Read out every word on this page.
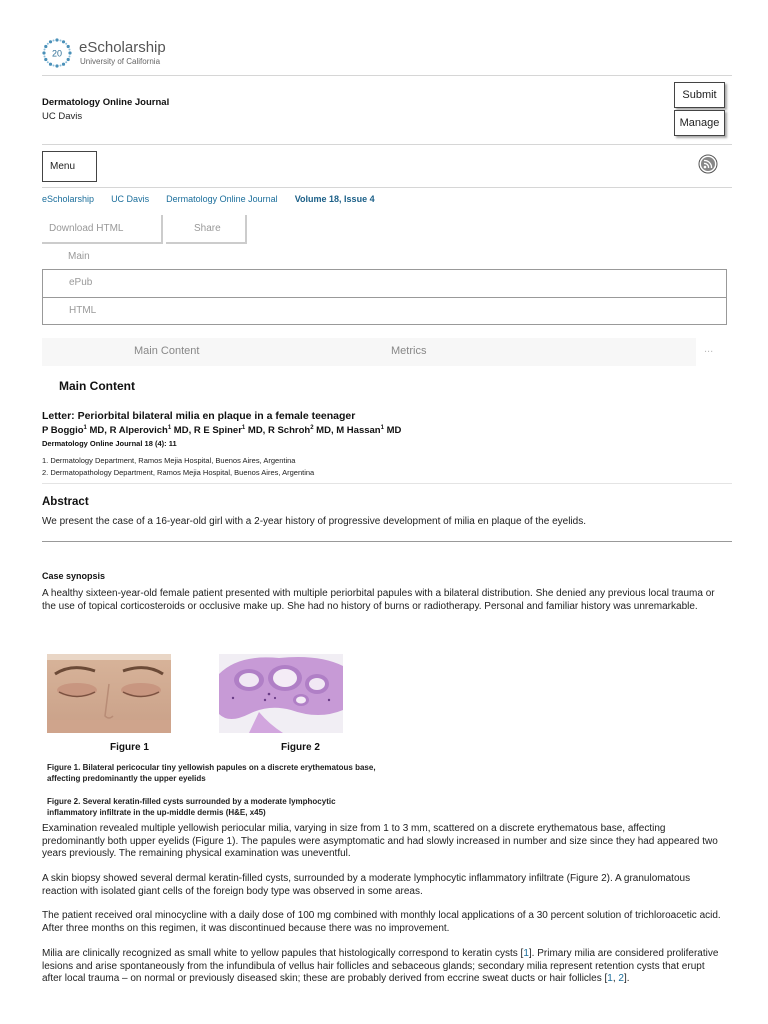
20 eScholarship
University of California
Dermatology Online Journal
UC Davis
Submit
Manage
Menu
eScholarship UC Davis Dermatology Online Journal Volume 18, Issue 4
Download HTML	Share
Main
ePub
HTML
Main Content	Metrics	...
Main Content
Letter: Periorbital bilateral milia en plaque in a female teenager
P Boggio$^1$ MD, R Alperovich$^1$ MD, R E Spiner$^1$ MD, R Schroh$^2$ MD, M Hassan$^1$ MD
Dermatology Online Journal 18 (4): 11
1. Dermatology Department, Ramos Mejia Hospital, Buenos Aires, Argentina
2. Dermatopathology Department, Ramos Mejia Hospital, Buenos Aires, Argentina
Abstract
We present the case of a 16-year-old girl with a 2-year history of progressive development of milia en plaque of the eyelids.
Case synopsis
A healthy sixteen-year-old female patient presented with multiple periorbital papules with a bilateral distribution. She denied any previous local trauma or the use of topical corticosteroids or occlusive make up. She had no history of burns or radiotherapy. Personal and familiar history was unremarkable.
Figure 1	Figure 2
Figure 1. Bilateral pericocular tiny yellowish papules on a discrete erythematous base, affecting predominantly the upper eyelids
Figure 2. Several keratin-filled cysts surrounded by a moderate lymphocytic inflammatory infiltrate in the up-middle dermis (H&E, x45)
Examination revealed multiple yellowish periocular milia, varying in size from 1 to 3 mm, scattered on a discrete erythematous base, affecting predominantly both upper eyelids (Figure 1). The papules were asymptomatic and had slowly increased in number and size since they had appeared two years previously. The remaining physical examination was uneventful.
A skin biopsy showed several dermal keratin-filled cysts, surrounded by a moderate lymphocytic inflammatory infiltrate (Figure 2). A granulomatous reaction with isolated giant cells of the foreign body type was observed in some areas.
The patient received oral minocycline with a daily dose of 100 mg combined with monthly local applications of a 30 percent solution of trichloroacetic acid. After three months on this regimen, it was discontinued because there was no improvement.
Milia are clinically recognized as small white to yellow papules that histologically correspond to keratin cysts [1]. Primary milia are considered proliferative lesions and arise spontaneously from the infundibula of vellus hair follicles and sebaceous glands; secondary milia represent retention cysts that erupt after local trauma – on normal or previously diseased skin; these are probably derived from eccrine sweat ducts or hair follicles [1, 2].
